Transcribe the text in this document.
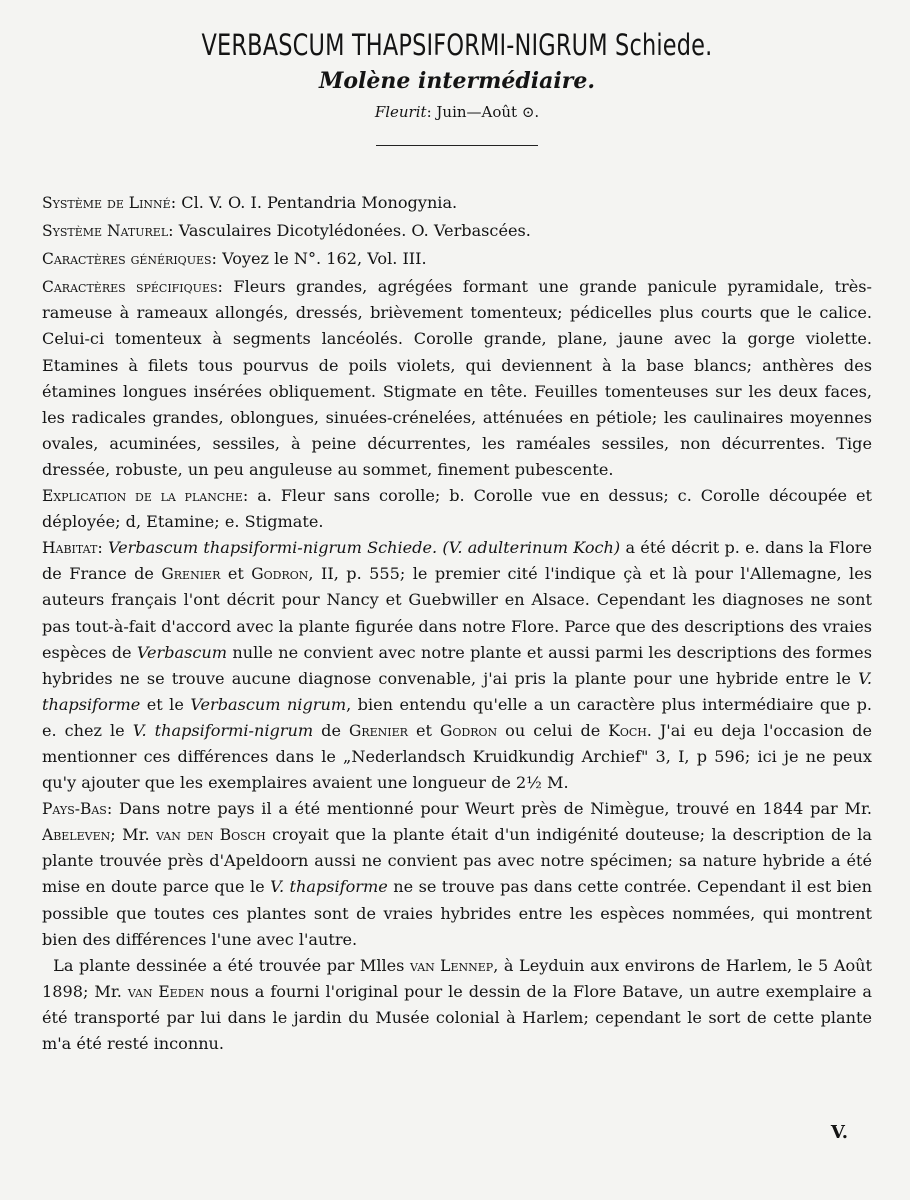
VERBASCUM THAPSIFORMI-NIGRUM Schiede.
Molène intermédiaire.
Fleurit: Juin—Août ⊙.

Système de Linné: Cl. V. O. I. Pentandria Monogynia.

Système Naturel: Vasculaires Dicotylédonées. O. Verbascées.

Caractères génériques: Voyez le N°. 162, Vol. III.

Caractères spécifiques: Fleurs grandes, agrégées formant une grande panicule pyramidale, très-rameuse à rameaux allongés, dressés, brièvement tomenteux; pédicelles plus courts que le calice. Celui-ci tomenteux à segments lancéolés. Corolle grande, plane, jaune avec la gorge violette. Etamines à filets tous pourvus de poils violets, qui deviennent à la base blancs; anthères des étamines longues insérées obliquement. Stigmate en tête. Feuilles tomenteuses sur les deux faces, les radicales grandes, oblongues, sinuées-crénelées, atténuées en pétiole; les caulinaires moyennes ovales, acuminées, sessiles, à peine décurrentes, les raméales sessiles, non décurrentes. Tige dressée, robuste, un peu anguleuse au sommet, finement pubescente.

Explication de la planche: a. Fleur sans corolle; b. Corolle vue en dessus; c. Corolle découpée et déployée; d, Etamine; e. Stigmate.

Habitat: Verbascum thapsiformi-nigrum Schiede. (V. adulterinum Koch) a été décrit p. e. dans la Flore de France de Grenier et Godron, II, p. 555; le premier cité l'indique çà et là pour l'Allemagne, les auteurs français l'ont décrit pour Nancy et Guebwiller en Alsace. Cependant les diagnoses ne sont pas tout-à-fait d'accord avec la plante figurée dans notre Flore. Parce que des descriptions des vraies espèces de Verbascum nulle ne convient avec notre plante et aussi parmi les descriptions des formes hybrides ne se trouve aucune diagnose convenable, j'ai pris la plante pour une hybride entre le V. thapsiforme et le Verbascum nigrum, bien entendu qu'elle a un caractère plus intermédiaire que p. e. chez le V. thapsiformi-nigrum de Grenier et Godron ou celui de Koch. J'ai eu deja l'occasion de mentionner ces différences dans le „Nederlandsch Kruidkundig Archief" 3, I, p 596; ici je ne peux qu'y ajouter que les exemplaires avaient une longueur de 2½ M.

Pays-Bas: Dans notre pays il a été mentionné pour Weurt près de Nimègue, trouvé en 1844 par Mr. Abeleven; Mr. van den Bosch croyait que la plante était d'un indigénité douteuse; la description de la plante trouvée près d'Apeldoorn aussi ne convient pas avec notre spécimen; sa nature hybride a été mise en doute parce que le V. thapsiforme ne se trouve pas dans cette contrée. Cependant il est bien possible que toutes ces plantes sont de vraies hybrides entre les espèces nommées, qui montrent bien des différences l'une avec l'autre.

La plante dessinée a été trouvée par Mlles van Lennep, à Leyduin aux environs de Harlem, le 5 Août 1898; Mr. van Eeden nous a fourni l'original pour le dessin de la Flore Batave, un autre exemplaire a été transporté par lui dans le jardin du Musée colonial à Harlem; cependant le sort de cette plante m'a été resté inconnu.

V.
